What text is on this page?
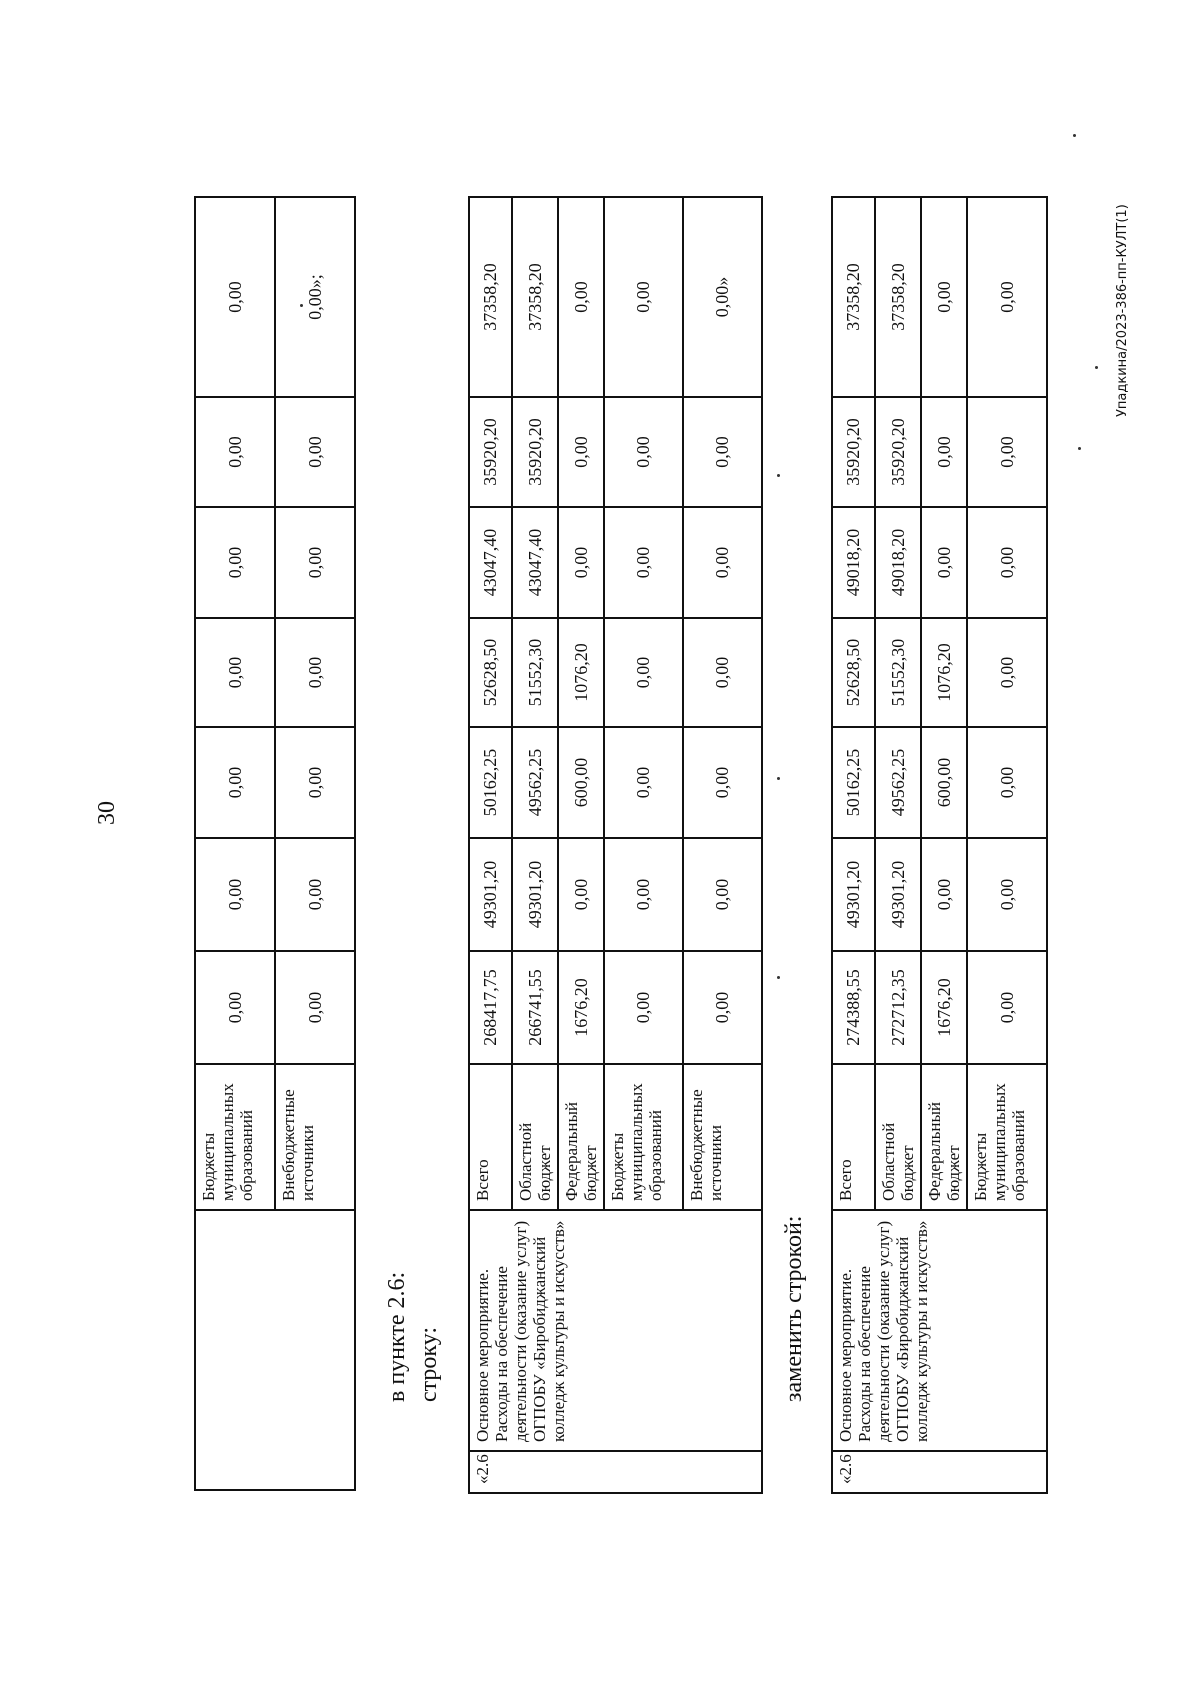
30
	Бюджеты муниципальных образований	0,00	0,00	0,00	0,00	0,00	0,00	0,00
	Внебюджетные источники	0,00	0,00	0,00	0,00	0,00	0,00	0,00»;
в пункте 2.6: строку:
«2.6	Основное мероприятие. Расходы на обеспечение деятельности (оказание услуг) ОГПОБУ «Биробиджанский колледж культуры и искусств»	Всего	268417,75	49301,20	50162,25	52628,50	43047,40	35920,20	37358,20
		Областной бюджет	266741,55	49301,20	49562,25	51552,30	43047,40	35920,20	37358,20
		Федеральный бюджет	1676,20	0,00	600,00	1076,20	0,00	0,00	0,00
		Бюджеты муниципальных образований	0,00	0,00	0,00	0,00	0,00	0,00	0,00
		Внебюджетные источники	0,00	0,00	0,00	0,00	0,00	0,00	0,00»
заменить строкой:
«2.6	Основное мероприятие. Расходы на обеспечение деятельности (оказание услуг) ОГПОБУ «Биробиджанский колледж культуры и искусств»	Всего	274388,55	49301,20	50162,25	52628,50	49018,20	35920,20	37358,20
		Областной бюджет	272712,35	49301,20	49562,25	51552,30	49018,20	35920,20	37358,20
		Федеральный бюджет	1676,20	0,00	600,00	1076,20	0,00	0,00	0,00
		Бюджеты муниципальных образований	0,00	0,00	0,00	0,00	0,00	0,00	0,00	Упадкина/2023-386-пп-КУЛТ(1)
